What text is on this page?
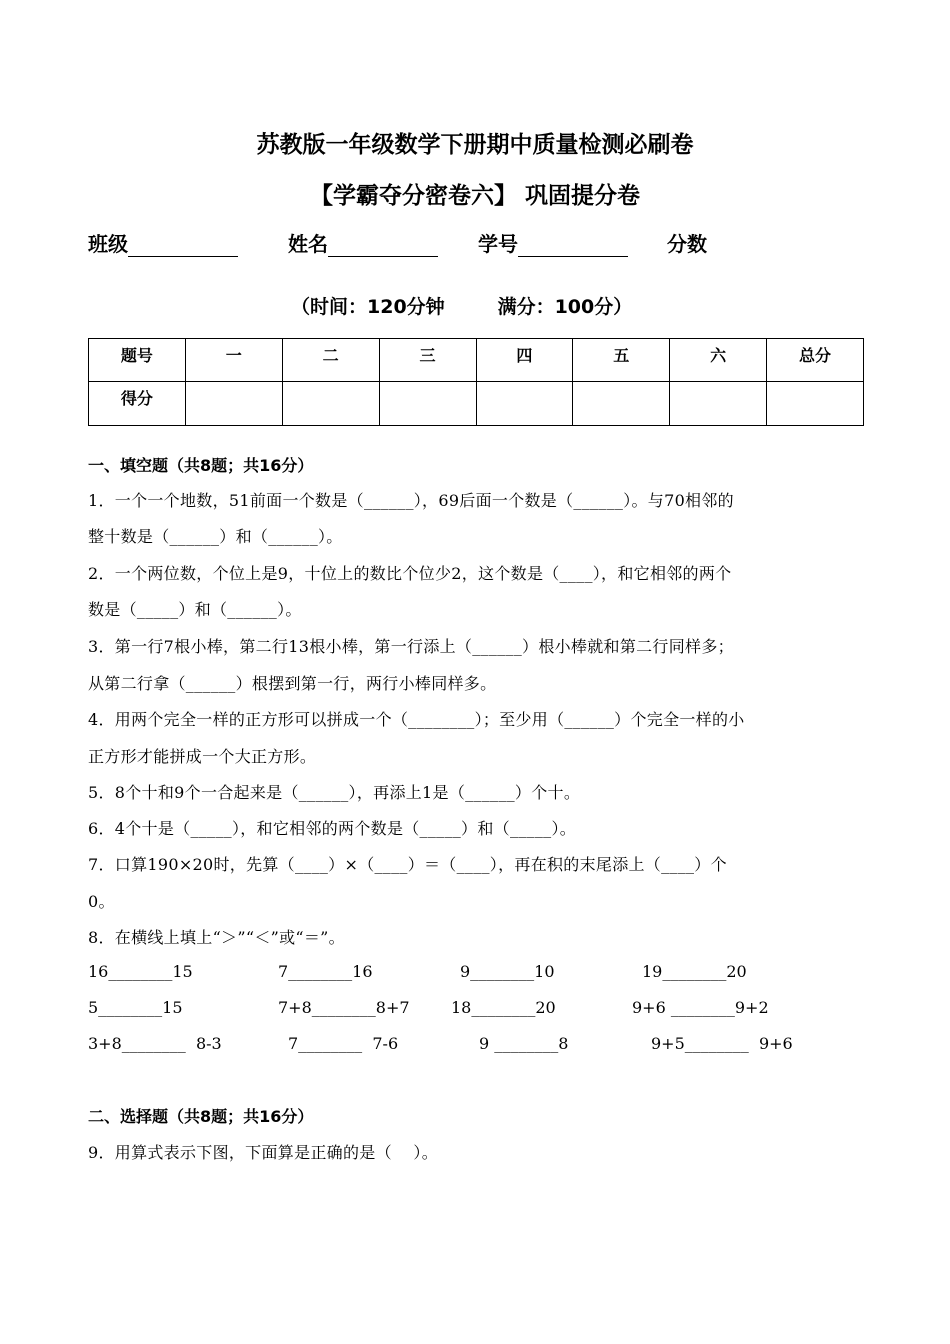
苏教版一年级数学下册期中质量检测必刷卷
【学霸夺分密卷六】 巩固提分卷
班级	姓名	学号	分数
（时间：120分钟        满分：100分）
题号	一	二	三	四	五	六	总分
得分							
一、填空题（共8题；共16分）
1．一个一个地数，51前面一个数是（______），69后面一个数是（______）。与70相邻的
整十数是（______）和（______）。
2．一个两位数，个位上是9，十位上的数比个位少2，这个数是（____），和它相邻的两个
数是（_____）和（______）。
3．第一行7根小棒，第二行13根小棒，第一行添上（______）根小棒就和第二行同样多；
从第二行拿（______）根摆到第一行，两行小棒同样多。
4．用两个完全一样的正方形可以拼成一个（________）；至少用（______）个完全一样的小
正方形才能拼成一个大正方形。
5．8个十和9个一合起来是（______），再添上1是（______）个十。
6．4个十是（_____），和它相邻的两个数是（_____）和（_____）。
7．口算190×20时，先算（____）×（____）＝（____），再在积的末尾添上（____）个
0。
8．在横线上填上“＞”“＜”或“＝”。
16________15	7________16	9________10	19________20
5________15	7+8________8+7	18________20	9+6 ________9+2
3+8________  8-3	7________  7-6	9 ________8	9+5________  9+6
二、选择题（共8题；共16分）
9．用算式表示下图，下面算是正确的是（    ）。
